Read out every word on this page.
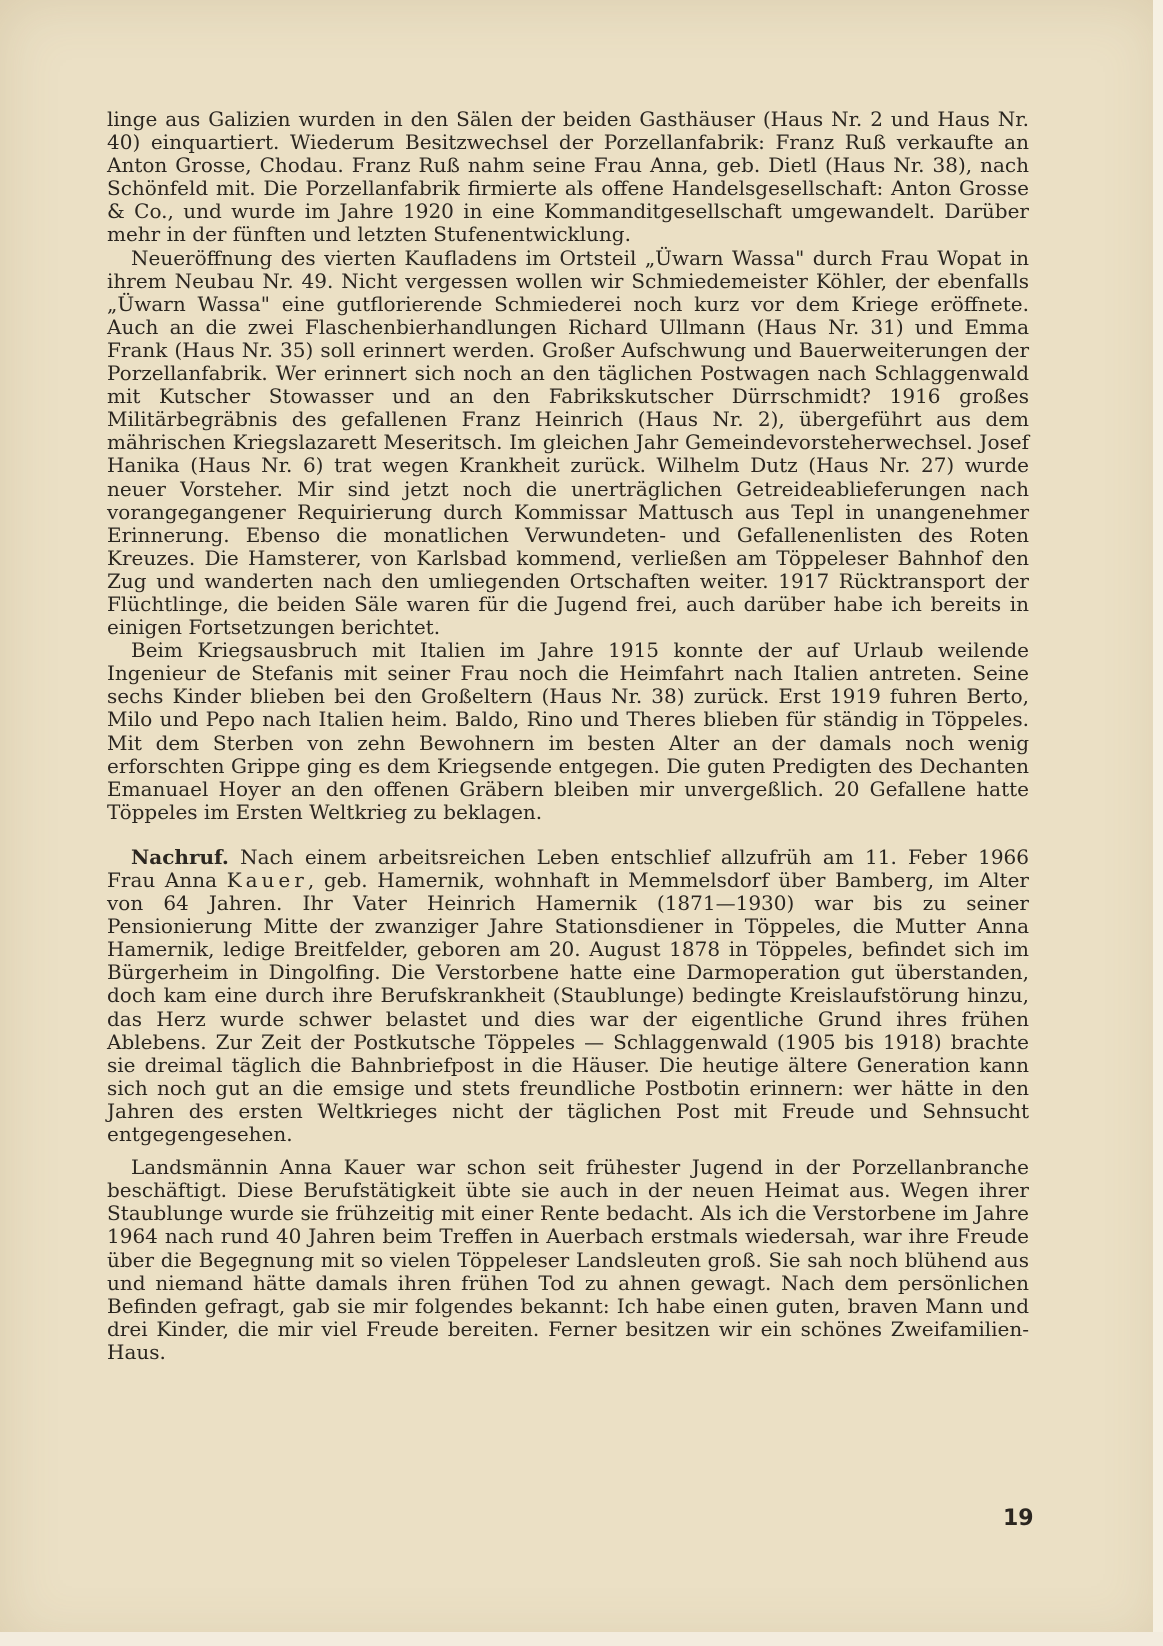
linge aus Galizien wurden in den Sälen der beiden Gasthäuser (Haus Nr. 2 und Haus Nr. 40) einquartiert. Wiederum Besitzwechsel der Porzellanfabrik: Franz Ruß verkaufte an Anton Grosse, Chodau. Franz Ruß nahm seine Frau Anna, geb. Dietl (Haus Nr. 38), nach Schönfeld mit. Die Porzellanfabrik firmierte als offene Handelsgesellschaft: Anton Grosse & Co., und wurde im Jahre 1920 in eine Kommanditgesellschaft umgewandelt. Darüber mehr in der fünften und letzten Stufenentwicklung.

Neueröffnung des vierten Kaufladens im Ortsteil „Üwarn Wassa" durch Frau Wopat in ihrem Neubau Nr. 49. Nicht vergessen wollen wir Schmiedemeister Köhler, der ebenfalls „Üwarn Wassa" eine gutflorierende Schmiederei noch kurz vor dem Kriege eröffnete. Auch an die zwei Flaschenbierhandlungen Richard Ullmann (Haus Nr. 31) und Emma Frank (Haus Nr. 35) soll erinnert werden. Großer Aufschwung und Bauerweiterungen der Porzellanfabrik. Wer erinnert sich noch an den täglichen Postwagen nach Schlaggenwald mit Kutscher Stowasser und an den Fabrikskutscher Dürrschmidt? 1916 großes Militärbegräbnis des gefallenen Franz Heinrich (Haus Nr. 2), übergeführt aus dem mährischen Kriegslazarett Meseritsch. Im gleichen Jahr Gemeindevorsteherwechsel. Josef Hanika (Haus Nr. 6) trat wegen Krankheit zurück. Wilhelm Dutz (Haus Nr. 27) wurde neuer Vorsteher. Mir sind jetzt noch die unerträglichen Getreideablieferungen nach vorangegangener Requirierung durch Kommissar Mattusch aus Tepl in unangenehmer Erinnerung. Ebenso die monatlichen Verwundeten- und Gefallenenlisten des Roten Kreuzes. Die Hamsterer, von Karlsbad kommend, verließen am Töppeleser Bahnhof den Zug und wanderten nach den umliegenden Ortschaften weiter. 1917 Rücktransport der Flüchtlinge, die beiden Säle waren für die Jugend frei, auch darüber habe ich bereits in einigen Fortsetzungen berichtet.

Beim Kriegsausbruch mit Italien im Jahre 1915 konnte der auf Urlaub weilende Ingenieur de Stefanis mit seiner Frau noch die Heimfahrt nach Italien antreten. Seine sechs Kinder blieben bei den Großeltern (Haus Nr. 38) zurück. Erst 1919 fuhren Berto, Milo und Pepo nach Italien heim. Baldo, Rino und Theres blieben für ständig in Töppeles. Mit dem Sterben von zehn Bewohnern im besten Alter an der damals noch wenig erforschten Grippe ging es dem Kriegsende entgegen. Die guten Predigten des Dechanten Emanuael Hoyer an den offenen Gräbern bleiben mir unvergeßlich. 20 Gefallene hatte Töppeles im Ersten Weltkrieg zu beklagen.

Nachruf. Nach einem arbeitsreichen Leben entschlief allzufrüh am 11. Feber 1966 Frau Anna Kauer, geb. Hamernik, wohnhaft in Memmelsdorf über Bamberg, im Alter von 64 Jahren. Ihr Vater Heinrich Hamernik (1871—1930) war bis zu seiner Pensionierung Mitte der zwanziger Jahre Stationsdiener in Töppeles, die Mutter Anna Hamernik, ledige Breitfelder, geboren am 20. August 1878 in Töppeles, befindet sich im Bürgerheim in Dingolfing. Die Verstorbene hatte eine Darmoperation gut überstanden, doch kam eine durch ihre Berufskrankheit (Staublunge) bedingte Kreislaufstörung hinzu, das Herz wurde schwer belastet und dies war der eigentliche Grund ihres frühen Ablebens. Zur Zeit der Postkutsche Töppeles — Schlaggenwald (1905 bis 1918) brachte sie dreimal täglich die Bahnbriefpost in die Häuser. Die heutige ältere Generation kann sich noch gut an die emsige und stets freundliche Postbotin erinnern: wer hätte in den Jahren des ersten Weltkrieges nicht der täglichen Post mit Freude und Sehnsucht entgegengesehen.

Landsmännin Anna Kauer war schon seit frühester Jugend in der Porzellanbranche beschäftigt. Diese Berufstätigkeit übte sie auch in der neuen Heimat aus. Wegen ihrer Staublunge wurde sie frühzeitig mit einer Rente bedacht. Als ich die Verstorbene im Jahre 1964 nach rund 40 Jahren beim Treffen in Auerbach erstmals wiedersah, war ihre Freude über die Begegnung mit so vielen Töppeleser Landsleuten groß. Sie sah noch blühend aus und niemand hätte damals ihren frühen Tod zu ahnen gewagt. Nach dem persönlichen Befinden gefragt, gab sie mir folgendes bekannt: Ich habe einen guten, braven Mann und drei Kinder, die mir viel Freude bereiten. Ferner besitzen wir ein schönes Zweifamilien-Haus.

19
